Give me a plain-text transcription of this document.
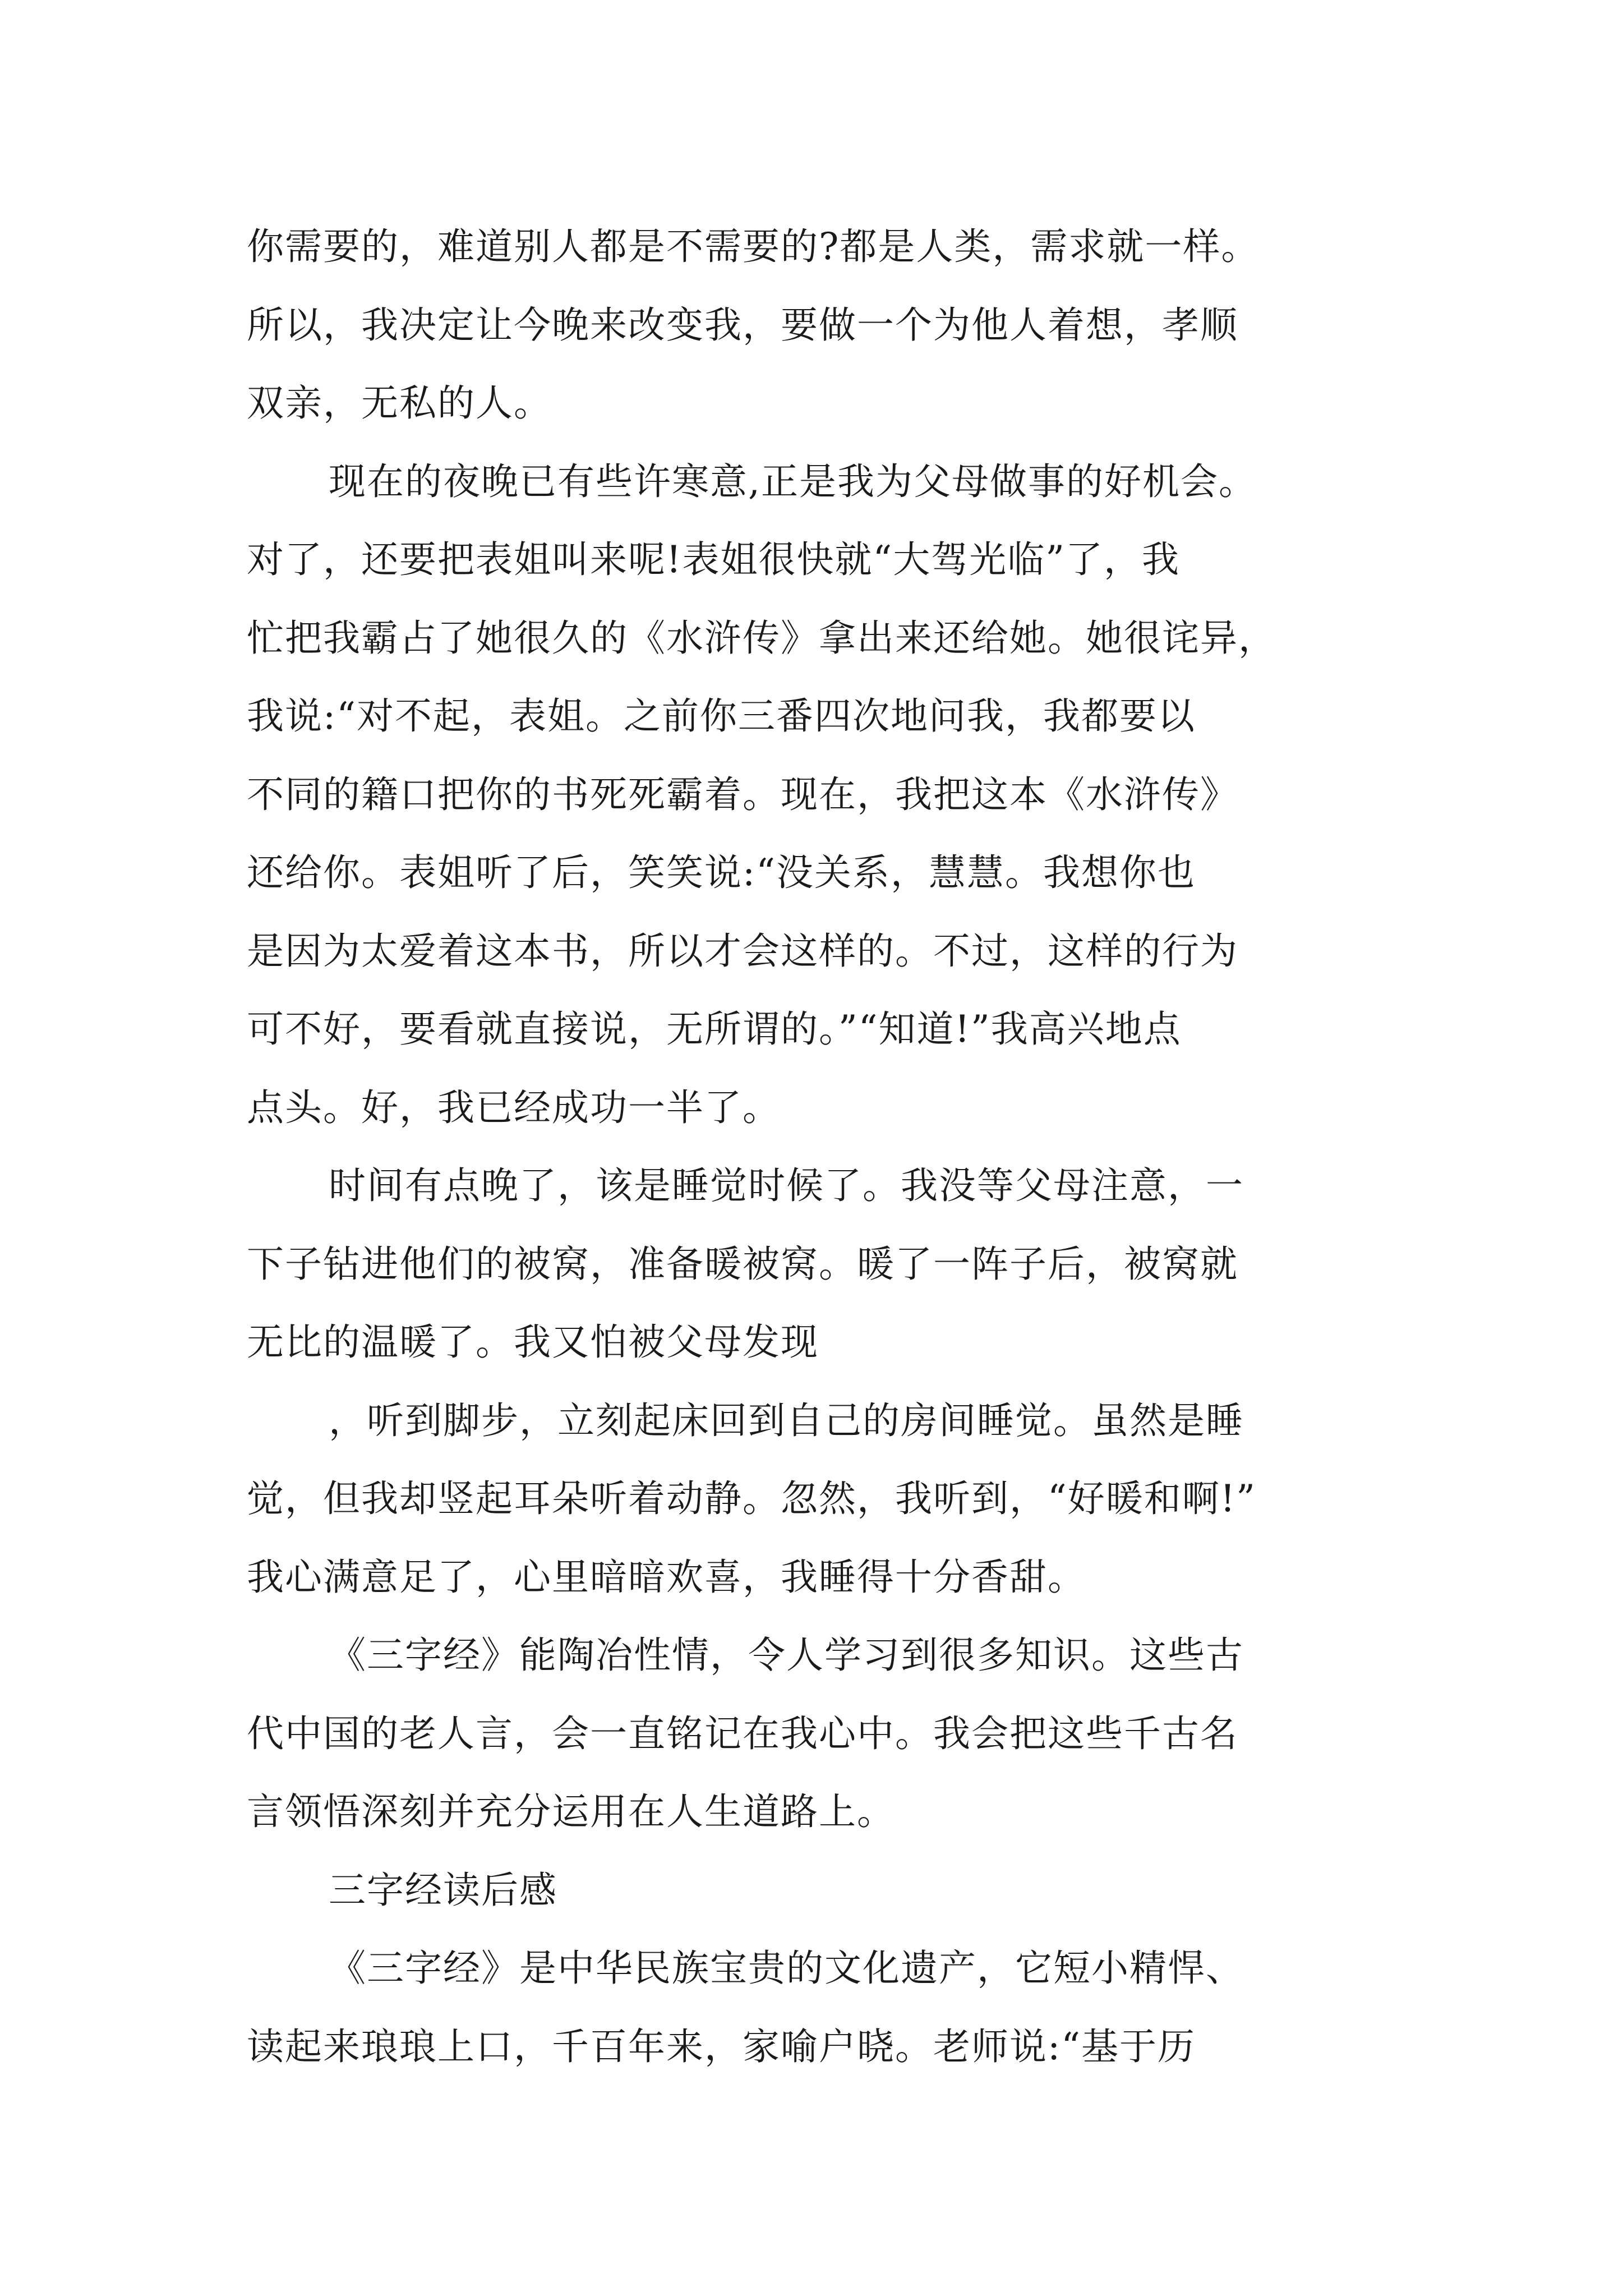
你需要的，难道别人都是不需要的?都是人类，需求就一样。
所以，我决定让今晚来改变我，要做一个为他人着想，孝顺
双亲，无私的人。
现在的夜晚已有些许寒意,正是我为父母做事的好机会。
对了，还要把表姐叫来呢!表姐很快就“大驾光临”了，我
忙把我霸占了她很久的《水浒传》拿出来还给她。她很诧异，
我说:“对不起，表姐。之前你三番四次地问我，我都要以
不同的籍口把你的书死死霸着。现在，我把这本《水浒传》
还给你。表姐听了后，笑笑说:“没关系，慧慧。我想你也
是因为太爱着这本书，所以才会这样的。不过，这样的行为
可不好，要看就直接说，无所谓的。”“知道!”我高兴地点
点头。好，我已经成功一半了。
时间有点晚了，该是睡觉时候了。我没等父母注意，一
下子钻进他们的被窝，准备暖被窝。暖了一阵子后，被窝就
无比的温暖了。我又怕被父母发现
，听到脚步，立刻起床回到自己的房间睡觉。虽然是睡
觉，但我却竖起耳朵听着动静。忽然，我听到，“好暖和啊!”
我心满意足了，心里暗暗欢喜，我睡得十分香甜。
《三字经》能陶冶性情，令人学习到很多知识。这些古
代中国的老人言，会一直铭记在我心中。我会把这些千古名
言领悟深刻并充分运用在人生道路上。
三字经读后感
《三字经》是中华民族宝贵的文化遗产，它短小精悍、
读起来琅琅上口，千百年来，家喻户晓。老师说:“基于历
